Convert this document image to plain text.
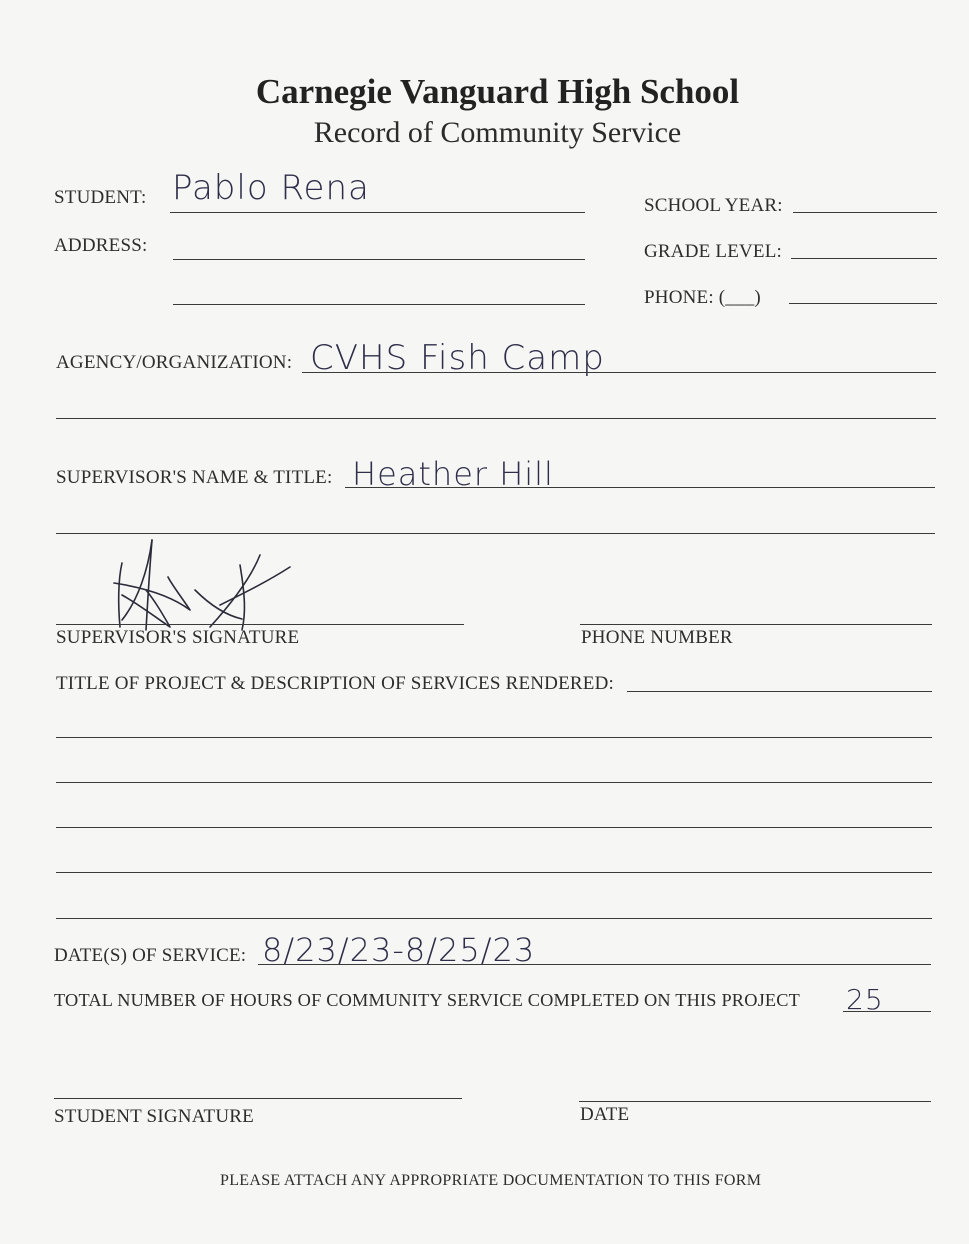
Carnegie Vanguard High School
Record of Community Service
STUDENT: Pablo Rena	SCHOOL YEAR:
ADDRESS:	GRADE LEVEL:
PHONE: (___)
AGENCY/ORGANIZATION: CVHS Fish Camp
SUPERVISOR'S NAME & TITLE: Heather Hill
SUPERVISOR'S SIGNATURE	PHONE NUMBER
TITLE OF PROJECT & DESCRIPTION OF SERVICES RENDERED:
DATE(S) OF SERVICE: 8/23/23-8/25/23
TOTAL NUMBER OF HOURS OF COMMUNITY SERVICE COMPLETED ON THIS PROJECT 25
STUDENT SIGNATURE	DATE
PLEASE ATTACH ANY APPROPRIATE DOCUMENTATION TO THIS FORM
